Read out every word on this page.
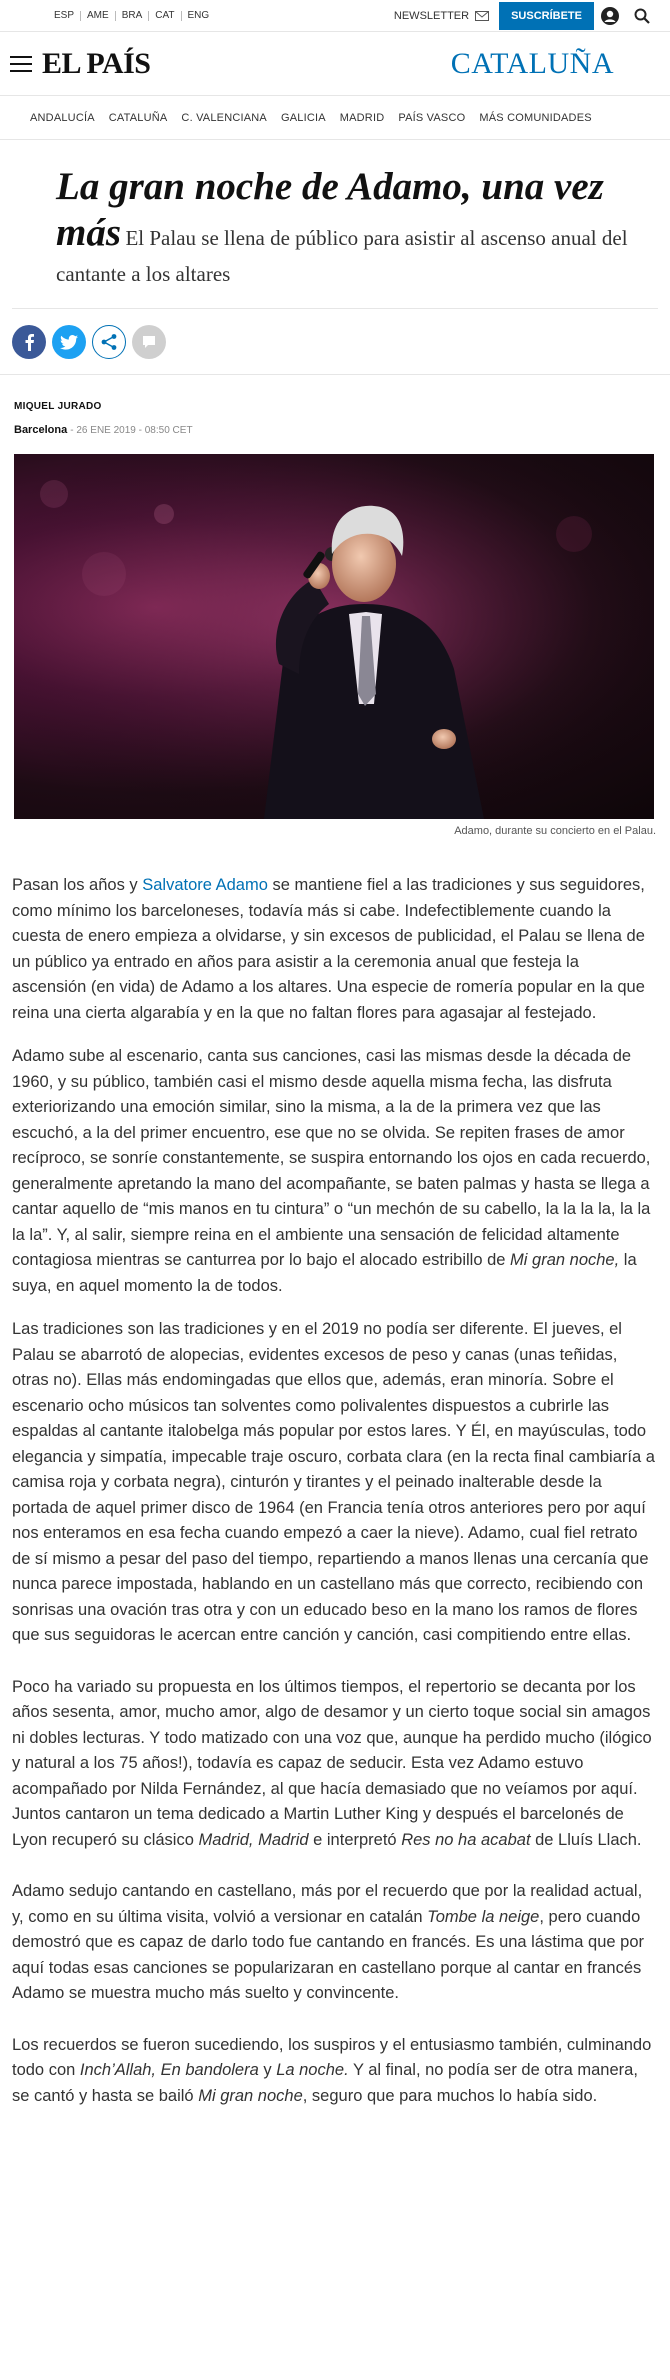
ESP	AME	BRA	CAT	ENG	NEWSLETTER	SUSCRÍBETE
EL PAÍS	CATALUÑA
ANDALUCÍA CATALUÑA C. VALENCIANA GALICIA MADRID PAÍS VASCO MÁS COMUNIDADES
La gran noche de Adamo, una vez más El Palau se llena de público para asistir al ascenso anual del cantante a los altares
MIQUEL JURADO
Barcelona - 26 ENE 2019 - 08:50 CET
Adamo, durante su concierto en el Palau.

Pasan los años y Salvatore Adamo se mantiene fiel a las tradiciones y sus seguidores, como mínimo los barceloneses, todavía más si cabe. Indefectiblemente cuando la cuesta de enero empieza a olvidarse, y sin excesos de publicidad, el Palau se llena de un público ya entrado en años para asistir a la ceremonia anual que festeja la ascensión (en vida) de Adamo a los altares. Una especie de romería popular en la que reina una cierta algarabía y en la que no faltan flores para agasajar al festejado.

Adamo sube al escenario, canta sus canciones, casi las mismas desde la década de 1960, y su público, también casi el mismo desde aquella misma fecha, las disfruta exteriorizando una emoción similar, sino la misma, a la de la primera vez que las escuchó, a la del primer encuentro, ese que no se olvida. Se repiten frases de amor recíproco, se sonríe constantemente, se suspira entornando los ojos en cada recuerdo, generalmente apretando la mano del acompañante, se baten palmas y hasta se llega a cantar aquello de “mis manos en tu cintura” o “un mechón de su cabello, la la la la, la la la la”. Y, al salir, siempre reina en el ambiente una sensación de felicidad altamente contagiosa mientras se canturrea por lo bajo el alocado estribillo de Mi gran noche, la suya, en aquel momento la de todos.

Las tradiciones son las tradiciones y en el 2019 no podía ser diferente. El jueves, el Palau se abarrotó de alopecias, evidentes excesos de peso y canas (unas teñidas, otras no). Ellas más endomingadas que ellos que, además, eran minoría. Sobre el escenario ocho músicos tan solventes como polivalentes dispuestos a cubrirle las espaldas al cantante italobelga más popular por estos lares. Y Él, en mayúsculas, todo elegancia y simpatía, impecable traje oscuro, corbata clara (en la recta final cambiaría a camisa roja y corbata negra), cinturón y tirantes y el peinado inalterable desde la portada de aquel primer disco de 1964 (en Francia tenía otros anteriores pero por aquí nos enteramos en esa fecha cuando empezó a caer la nieve). Adamo, cual fiel retrato de sí mismo a pesar del paso del tiempo, repartiendo a manos llenas una cercanía que nunca parece impostada, hablando en un castellano más que correcto, recibiendo con sonrisas una ovación tras otra y con un educado beso en la mano los ramos de flores que sus seguidoras le acercan entre canción y canción, casi compitiendo entre ellas.

Poco ha variado su propuesta en los últimos tiempos, el repertorio se decanta por los años sesenta, amor, mucho amor, algo de desamor y un cierto toque social sin amagos ni dobles lecturas. Y todo matizado con una voz que, aunque ha perdido mucho (ilógico y natural a los 75 años!), todavía es capaz de seducir. Esta vez Adamo estuvo acompañado por Nilda Fernández, al que hacía demasiado que no veíamos por aquí. Juntos cantaron un tema dedicado a Martin Luther King y después el barcelonés de Lyon recuperó su clásico Madrid, Madrid e interpretó Res no ha acabat de Lluís Llach.

Adamo sedujo cantando en castellano, más por el recuerdo que por la realidad actual, y, como en su última visita, volvió a versionar en catalán Tombe la neige, pero cuando demostró que es capaz de darlo todo fue cantando en francés. Es una lástima que por aquí todas esas canciones se popularizaran en castellano porque al cantar en francés Adamo se muestra mucho más suelto y convincente.

Los recuerdos se fueron sucediendo, los suspiros y el entusiasmo también, culminando todo con Inch’Allah, En bandolera y La noche. Y al final, no podía ser de otra manera, se cantó y hasta se bailó Mi gran noche, seguro que para muchos lo había sido.
